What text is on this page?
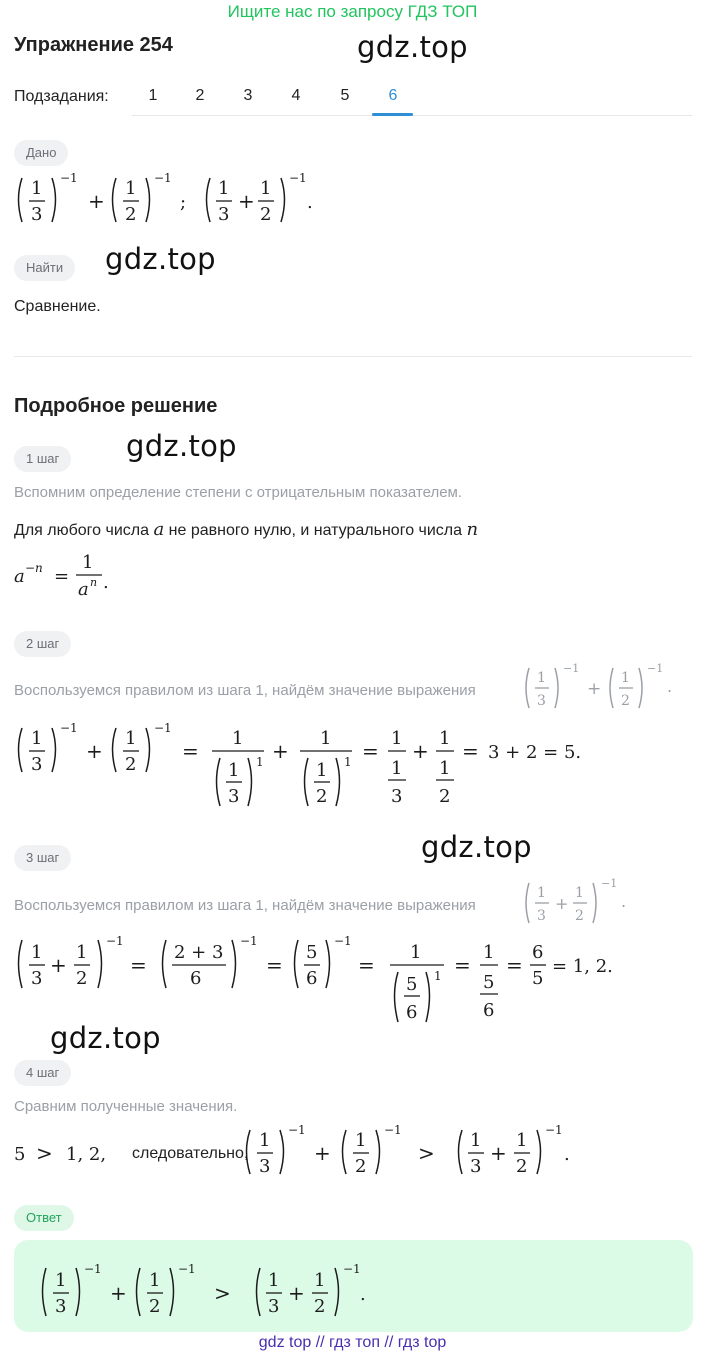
Ищите нас по запросу ГДЗ ТОП
gdz.top
gdz.top
gdz.top
gdz.top
gdz.top
Упражнение 254
Подзадания:	1	2	3	4	5	6
Дано
1
3
−1
+
1
2
−1
;
1
3
+
1
2
−1
.
Найти
Сравнение.
Подробное решение
1 шаг
Вспомним определение степени с отрицательным показателем.
Для любого числа a не равного нулю, и натурального числа n
a −n =
1
a n .
2 шаг
Воспользуемся правилом из шага 1, найдём значение выражения
1
3
−1
+
1
2
−1
.
1
3
−1
+
1
2
−1
=
1
1
3
1 +
1
1
2
1 =
1
1
3
+
1
1
2
= 3 + 2 = 5.
3 шаг
Воспользуемся правилом из шага 1, найдём значение выражения
1
3
+
1
2
−1
.
1
3
+
1
2
−1
=
2 + 3
6
−1
=
5
6
−1
=
1
5
6
1 =
1
5
6
=
6
5
= 1, 2.
4 шаг
Сравним полученные значения.
5 > 1, 2, следовательно,
1
3
−1
+
1
2
−1
>
1
3
+
1
2
−1
.
Ответ
1
3
−1
+
1
2
−1
>
1
3
+
1
2
−1
.
gdz top // гдз топ // гдз top
